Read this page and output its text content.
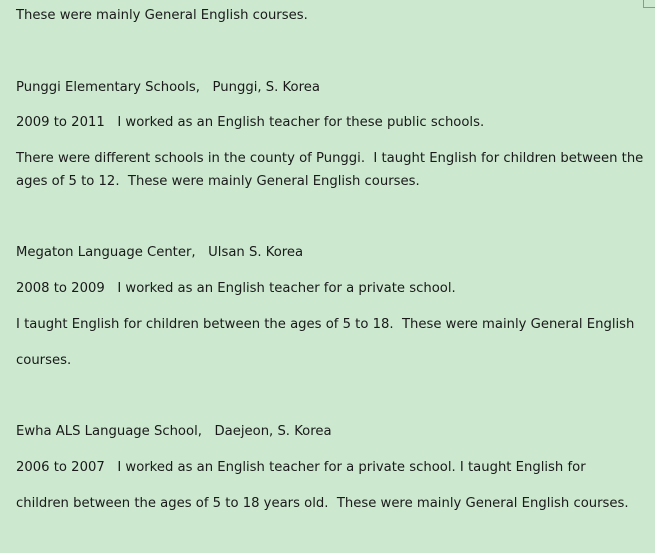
These were mainly General English courses.
Punggi Elementary Schools,   Punggi, S. Korea
2009 to 2011   I worked as an English teacher for these public schools.
There were different schools in the county of Punggi.  I taught English for children between the
ages of 5 to 12.  These were mainly General English courses.
Megaton Language Center,   Ulsan S. Korea
2008 to 2009   I worked as an English teacher for a private school.
I taught English for children between the ages of 5 to 18.  These were mainly General English
courses.
Ewha ALS Language School,   Daejeon, S. Korea
2006 to 2007   I worked as an English teacher for a private school. I taught English for
children between the ages of 5 to 18 years old.  These were mainly General English courses.
